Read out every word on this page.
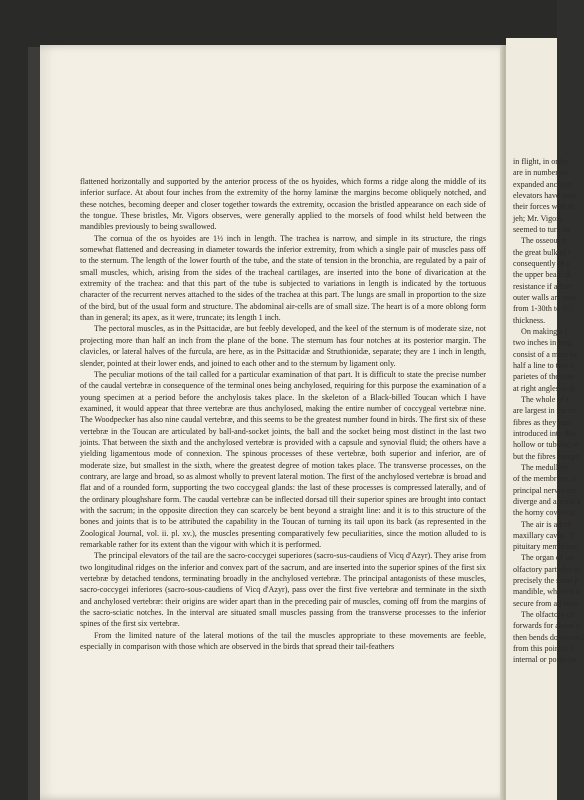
in flight, in order
are in number tw
expanded anchylo
elevators have raise
their forces with th
jeh; Mr. Vigors
seemed to turn as
The osseous p
the great bulk of t
consequently of a
the upper beak: th
resistance if a forc
outer walls are mea
from 1-30th to 1-2
thickness.
On making a l
two inches in leng
consist of a most be
half a line to two li
parietes of the min
at right angles to th
The whole of t
are largest in the ce
fibres as they pass
introduced into this
hollow or tubular, w
but the fibres compo
The medullary
of the membrane, a
principal nerves are
diverge and ascend a
the horny covering.
The air is admit
maxillary cavity. T
pituitary membrane,
The organ of sm
olfactory particles in
precisely the same p
mandible, where it is
secure from all injur
The olfactory ca
forwards for about h
then bends downward
from this point it d
internal or posterior

flattened horizontally and supported by the anterior process of the os hyoides, which forms a ridge along the middle of its inferior surface. At about four inches from the extremity of the horny laminæ the margins become obliquely notched, and these notches, becoming deeper and closer together towards the extremity, occasion the bristled appearance on each side of the tongue. These bristles, Mr. Vigors observes, were generally applied to the morsels of food whilst held between the mandibles previously to being swallowed.

The cornua of the os hyoides are 1½ inch in length. The trachea is narrow, and simple in its structure, the rings somewhat flattened and decreasing in diameter towards the inferior extremity, from which a single pair of muscles pass off to the sternum. The length of the lower fourth of the tube, and the state of tension in the bronchia, are regulated by a pair of small muscles, which, arising from the sides of the tracheal cartilages, are inserted into the bone of divarication at the extremity of the trachea: and that this part of the tube is subjected to variations in length is indicated by the tortuous character of the recurrent nerves attached to the sides of the trachea at this part. The lungs are small in proportion to the size of the bird, but of the usual form and structure. The abdominal air-cells are of small size. The heart is of a more oblong form than in general; its apex, as it were, truncate; its length 1 inch.

The pectoral muscles, as in the Psittacidæ, are but feebly developed, and the keel of the sternum is of moderate size, not projecting more than half an inch from the plane of the bone. The sternum has four notches at its posterior margin. The clavicles, or lateral halves of the furcula, are here, as in the Psittacidæ and Struthionidæ, separate; they are 1 inch in length, slender, pointed at their lower ends, and joined to each other and to the sternum by ligament only.

The peculiar motions of the tail called for a particular examination of that part. It is difficult to state the precise number of the caudal vertebræ in consequence of the terminal ones being anchylosed, requiring for this purpose the examination of a young specimen at a period before the anchylosis takes place. In the skeleton of a Black-billed Toucan which I have examined, it would appear that three vertebræ are thus anchylosed, making the entire number of coccygeal vertebræ nine. The Woodpecker has also nine caudal vertebræ, and this seems to be the greatest number found in birds. The first six of these vertebræ in the Toucan are articulated by ball-and-socket joints, the ball and the socket being most distinct in the last two joints. That between the sixth and the anchylosed vertebræ is provided with a capsule and synovial fluid; the others have a yielding ligamentous mode of connexion. The spinous processes of these vertebræ, both superior and inferior, are of moderate size, but smallest in the sixth, where the greatest degree of motion takes place. The transverse processes, on the contrary, are large and broad, so as almost wholly to prevent lateral motion. The first of the anchylosed vertebræ is broad and flat and of a rounded form, supporting the two coccygeal glands: the last of these processes is compressed laterally, and of the ordinary ploughshare form. The caudal vertebræ can be inflected dorsad till their superior spines are brought into contact with the sacrum; in the opposite direction they can scarcely be bent beyond a straight line: and it is to this structure of the bones and joints that is to be attributed the capability in the Toucan of turning its tail upon its back (as represented in the Zoological Journal, vol. ii. pl. xv.), the muscles presenting comparatively few peculiarities, since the motion alluded to is remarkable rather for its extent than the vigour with which it is performed.

The principal elevators of the tail are the sacro-coccygei superiores (sacro-sus-caudiens of Vicq d'Azyr). They arise from two longitudinal ridges on the inferior and convex part of the sacrum, and are inserted into the superior spines of the first six vertebræ by detached tendons, terminating broadly in the anchylosed vertebræ. The principal antagonists of these muscles, sacro-coccygei inferiores (sacro-sous-caudiens of Vicq d'Azyr), pass over the first five vertebræ and terminate in the sixth and anchylosed vertebræ: their origins are wider apart than in the preceding pair of muscles, coming off from the margins of the sacro-sciatic notches. In the interval are situated small muscles passing from the transverse processes to the inferior spines of the first six vertebræ.

From the limited nature of the lateral motions of the tail the muscles appropriate to these movements are feeble, especially in comparison with those which are observed in the birds that spread their tail-feathers
